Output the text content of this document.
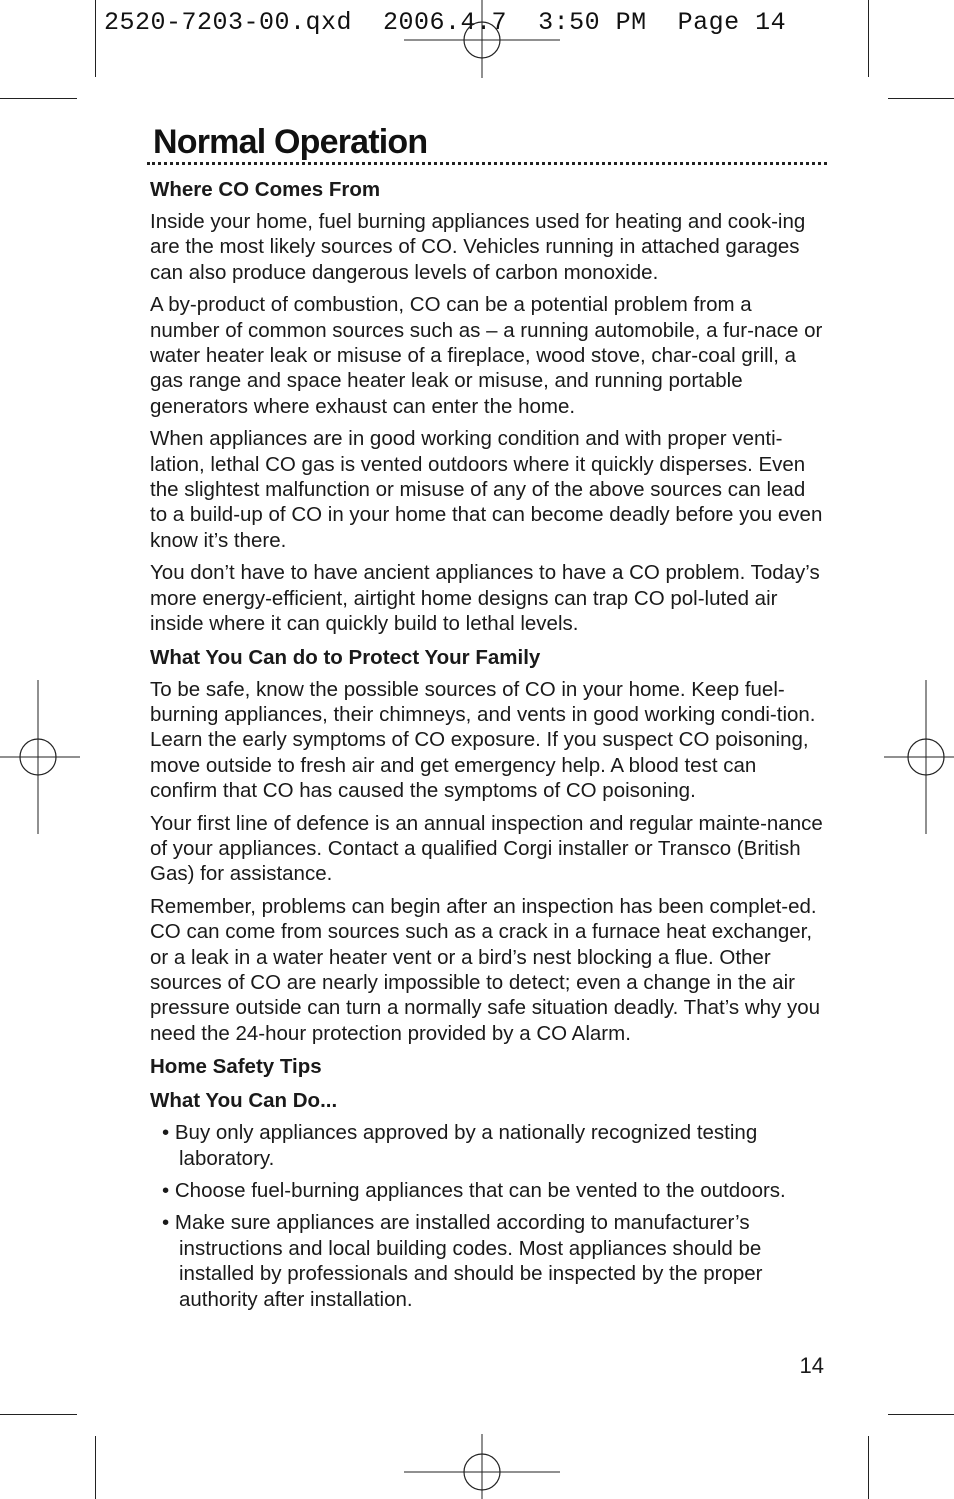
2520-7203-00.qxd  2006.4.7  3:50 PM  Page 14
Normal Operation
Where CO Comes From

Inside your home, fuel burning appliances used for heating and cook-ing are the most likely sources of CO. Vehicles running in attached garages can also produce dangerous levels of carbon monoxide.

A by-product of combustion, CO can be a potential problem from a number of common sources such as – a running automobile, a fur-nace or water heater leak or misuse of a fireplace, wood stove, char-coal grill, a gas range and space heater leak or misuse, and running portable generators where exhaust can enter the home.

When appliances are in good working condition and with proper venti-lation, lethal CO gas is vented outdoors where it quickly disperses. Even the slightest malfunction or misuse of any of the above sources can lead to a build-up of CO in your home that can become deadly before you even know it’s there.

You don’t have to have ancient appliances to have a CO problem. Today’s more energy-efficient, airtight home designs can trap CO pol-luted air inside where it can quickly build to lethal levels.

What You Can do to Protect Your Family

To be safe, know the possible sources of CO in your home. Keep fuel-burning appliances, their chimneys, and vents in good working condi-tion. Learn the early symptoms of CO exposure. If you suspect CO poisoning, move outside to fresh air and get emergency help. A blood test can confirm that CO has caused the symptoms of CO poisoning.

Your first line of defence is an annual inspection and regular mainte-nance of your appliances. Contact a qualified Corgi installer or Transco (British Gas) for assistance.

Remember, problems can begin after an inspection has been complet-ed. CO can come from sources such as a crack in a furnace heat exchanger, or a leak in a water heater vent or a bird’s nest blocking a flue. Other sources of CO are nearly impossible to detect; even a change in the air pressure outside can turn a normally safe situation deadly. That’s why you need the 24-hour protection provided by a CO Alarm.

Home Safety Tips
What You Can Do...
• Buy only appliances approved by a nationally recognized testing laboratory.
• Choose fuel-burning appliances that can be vented to the outdoors.
• Make sure appliances are installed according to manufacturer’s instructions and local building codes. Most appliances should be installed by professionals and should be inspected by the proper authority after installation.
14
